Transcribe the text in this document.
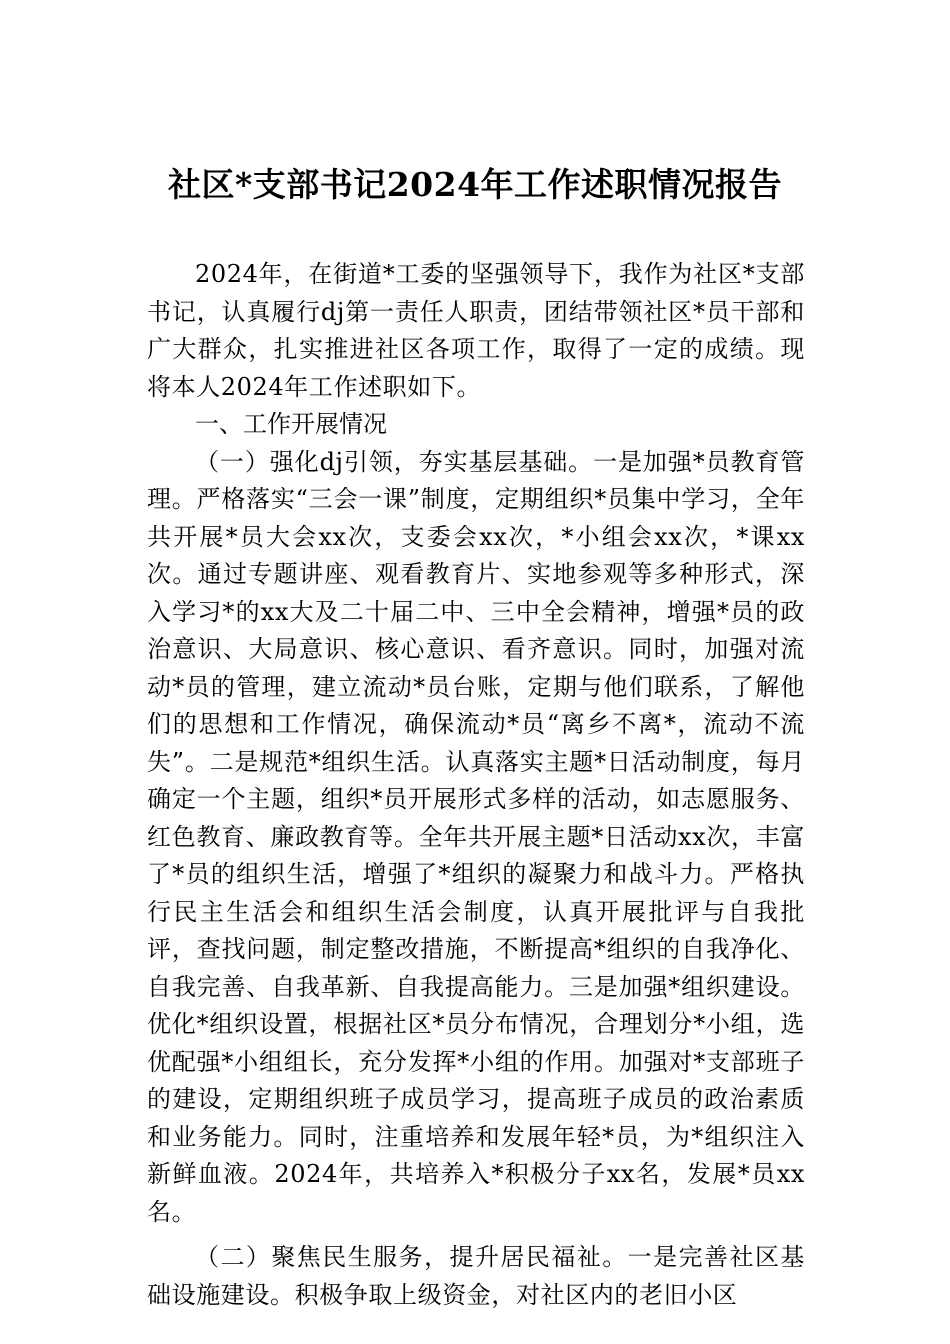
社区*支部书记2024年工作述职情况报告

2024年，在街道*工委的坚强领导下，我作为社区*支部书记，认真履行dj第一责任人职责，团结带领社区*员干部和广大群众，扎实推进社区各项工作，取得了一定的成绩。现将本人2024年工作述职如下。

一、工作开展情况

（一）强化dj引领，夯实基层基础。一是加强*员教育管理。严格落实“三会一课”制度，定期组织*员集中学习，全年共开展*员大会xx次，支委会xx次，*小组会xx次，*课xx次。通过专题讲座、观看教育片、实地参观等多种形式，深入学习*的xx大及二十届二中、三中全会精神，增强*员的政治意识、大局意识、核心意识、看齐意识。同时，加强对流动*员的管理，建立流动*员台账，定期与他们联系，了解他们的思想和工作情况，确保流动*员“离乡不离*，流动不流失”。二是规范*组织生活。认真落实主题*日活动制度，每月确定一个主题，组织*员开展形式多样的活动，如志愿服务、红色教育、廉政教育等。全年共开展主题*日活动xx次，丰富了*员的组织生活，增强了*组织的凝聚力和战斗力。严格执行民主生活会和组织生活会制度，认真开展批评与自我批评，查找问题，制定整改措施，不断提高*组织的自我净化、自我完善、自我革新、自我提高能力。三是加强*组织建设。优化*组织设置，根据社区*员分布情况，合理划分*小组，选优配强*小组组长，充分发挥*小组的作用。加强对*支部班子的建设，定期组织班子成员学习，提高班子成员的政治素质和业务能力。同时，注重培养和发展年轻*员，为*组织注入新鲜血液。2024年，共培养入*积极分子xx名，发展*员xx名。

（二）聚焦民生服务，提升居民福祉。一是完善社区基础设施建设。积极争取上级资金，对社区内的老旧小区
